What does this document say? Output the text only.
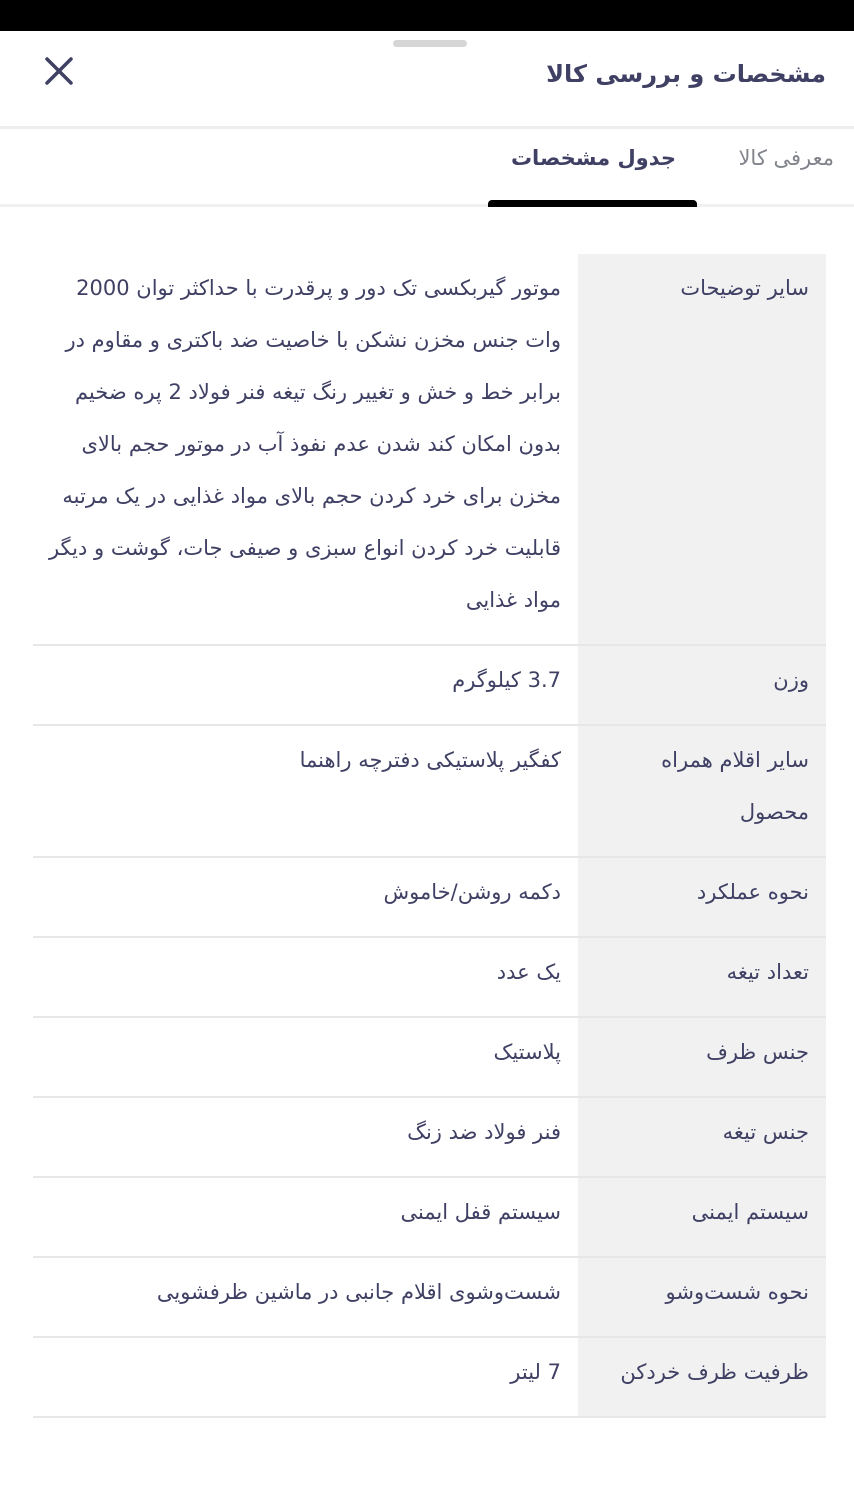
مشخصات و بررسی کالا
معرفی کالا
جدول مشخصات
سایر توضیحات
موتور گیربکسی تک دور و پرقدرت با حداکثر توان 2000 وات جنس مخزن نشکن با خاصیت ضد باکتری و مقاوم در برابر خط و خش و تغییر رنگ تیغه فنر فولاد 2 پره ضخیم بدون امکان کند شدن عدم نفوذ آب در موتور حجم بالای مخزن برای خرد کردن حجم بالای مواد غذایی در یک مرتبه قابلیت خرد کردن انواع سبزی و صیفی جات، گوشت و دیگر مواد غذایی
وزن
3.7 کیلوگرم
سایر اقلام همراه محصول
کفگیر پلاستیکی دفترچه راهنما
نحوه عملکرد
دکمه روشن/خاموش
تعداد تیغه
یک عدد
جنس ظرف
پلاستیک
جنس تیغه
فنر فولاد ضد زنگ
سیستم ایمنی
سیستم قفل ایمنی
نحوه شست‌وشو
شست‌وشوی اقلام جانبی در ماشین ظرفشویی
ظرفیت ظرف خردکن
7 لیتر
